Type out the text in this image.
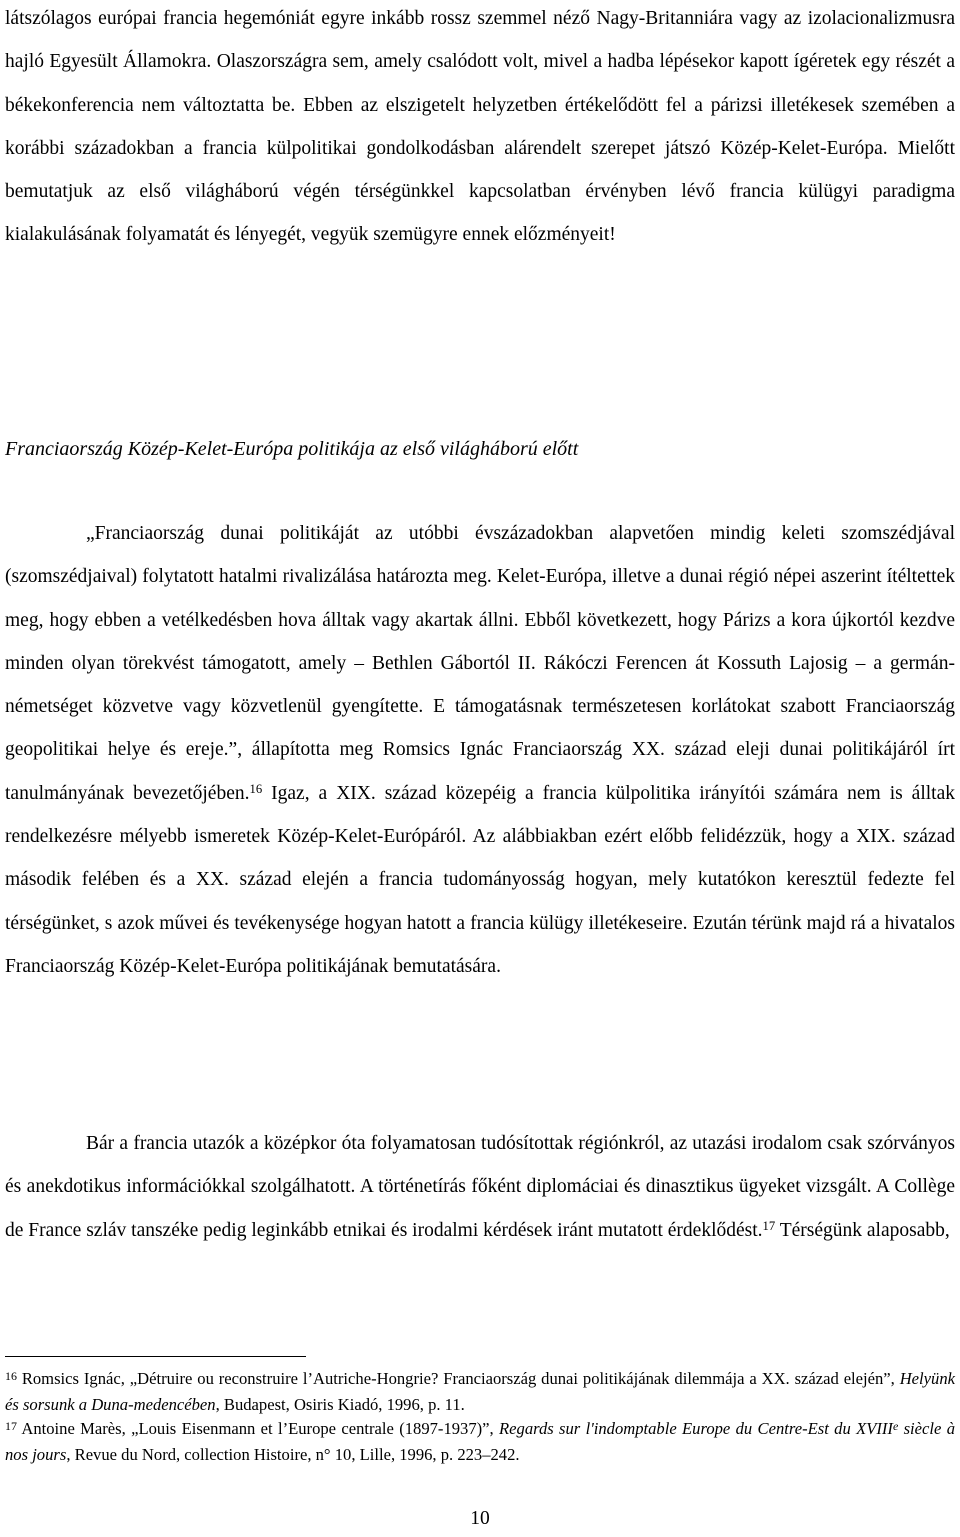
látszólagos európai francia hegemóniát egyre inkább rossz szemmel néző Nagy-Britanniára vagy az izolacionalizmusra hajló Egyesült Államokra. Olaszországra sem, amely csalódott volt, mivel a hadba lépésekor kapott ígéretek egy részét a békekonferencia nem változtatta be. Ebben az elszigetelt helyzetben értékelődött fel a párizsi illetékesek szemében a korábbi századokban a francia külpolitikai gondolkodásban alárendelt szerepet játszó Közép-Kelet-Európa. Mielőtt bemutatjuk az első világháború végén térségünkkel kapcsolatban érvényben lévő francia külügyi paradigma kialakulásának folyamatát és lényegét, vegyük szemügyre ennek előzményeit!

Franciaország Közép-Kelet-Európa politikája az első világháború előtt

„Franciaország dunai politikáját az utóbbi évszázadokban alapvetően mindig keleti szomszédjával (szomszédjaival) folytatott hatalmi rivalizálása határozta meg. Kelet-Európa, illetve a dunai régió népei aszerint ítéltettek meg, hogy ebben a vetélkedésben hova álltak vagy akartak állni. Ebből következett, hogy Párizs a kora újkortól kezdve minden olyan törekvést támogatott, amely – Bethlen Gábortól II. Rákóczi Ferencen át Kossuth Lajosig – a germán-németséget közvetve vagy közvetlenül gyengítette. E támogatásnak természetesen korlátokat szabott Franciaország geopolitikai helye és ereje.”, állapította meg Romsics Ignác Franciaország XX. század eleji dunai politikájáról írt tanulmányának bevezetőjében.$^{16}$ Igaz, a XIX. század közepéig a francia külpolitika irányítói számára nem is álltak rendelkezésre mélyebb ismeretek Közép-Kelet-Európáról. Az alábbiakban ezért előbb felidézzük, hogy a XIX. század második felében és a XX. század elején a francia tudományosság hogyan, mely kutatókon keresztül fedezte fel térségünket, s azok művei és tevékenysége hogyan hatott a francia külügy illetékeseire. Ezután térünk majd rá a hivatalos Franciaország Közép-Kelet-Európa politikájának bemutatására.

Bár a francia utazók a középkor óta folyamatosan tudósítottak régiónkról, az utazási irodalom csak szórványos és anekdotikus információkkal szolgálhatott. A történetírás főként diplomáciai és dinasztikus ügyeket vizsgált. A Collège de France szláv tanszéke pedig leginkább etnikai és irodalmi kérdések iránt mutatott érdeklődést.$^{17}$ Térségünk alaposabb,

$^{16}$ Romsics Ignác, „Détruire ou reconstruire l’Autriche-Hongrie? Franciaország dunai politikájának dilemmája a XX. század elején”, Helyünk és sorsunk a Duna-medencében, Budapest, Osiris Kiadó, 1996, p. 11.
$^{17}$ Antoine Marès, „Louis Eisenmann et l’Europe centrale (1897-1937)”, Regards sur l'indomptable Europe du Centre-Est du XVIIIe siècle à nos jours, Revue du Nord, collection Histoire, n° 10, Lille, 1996, p. 223–242.
10
